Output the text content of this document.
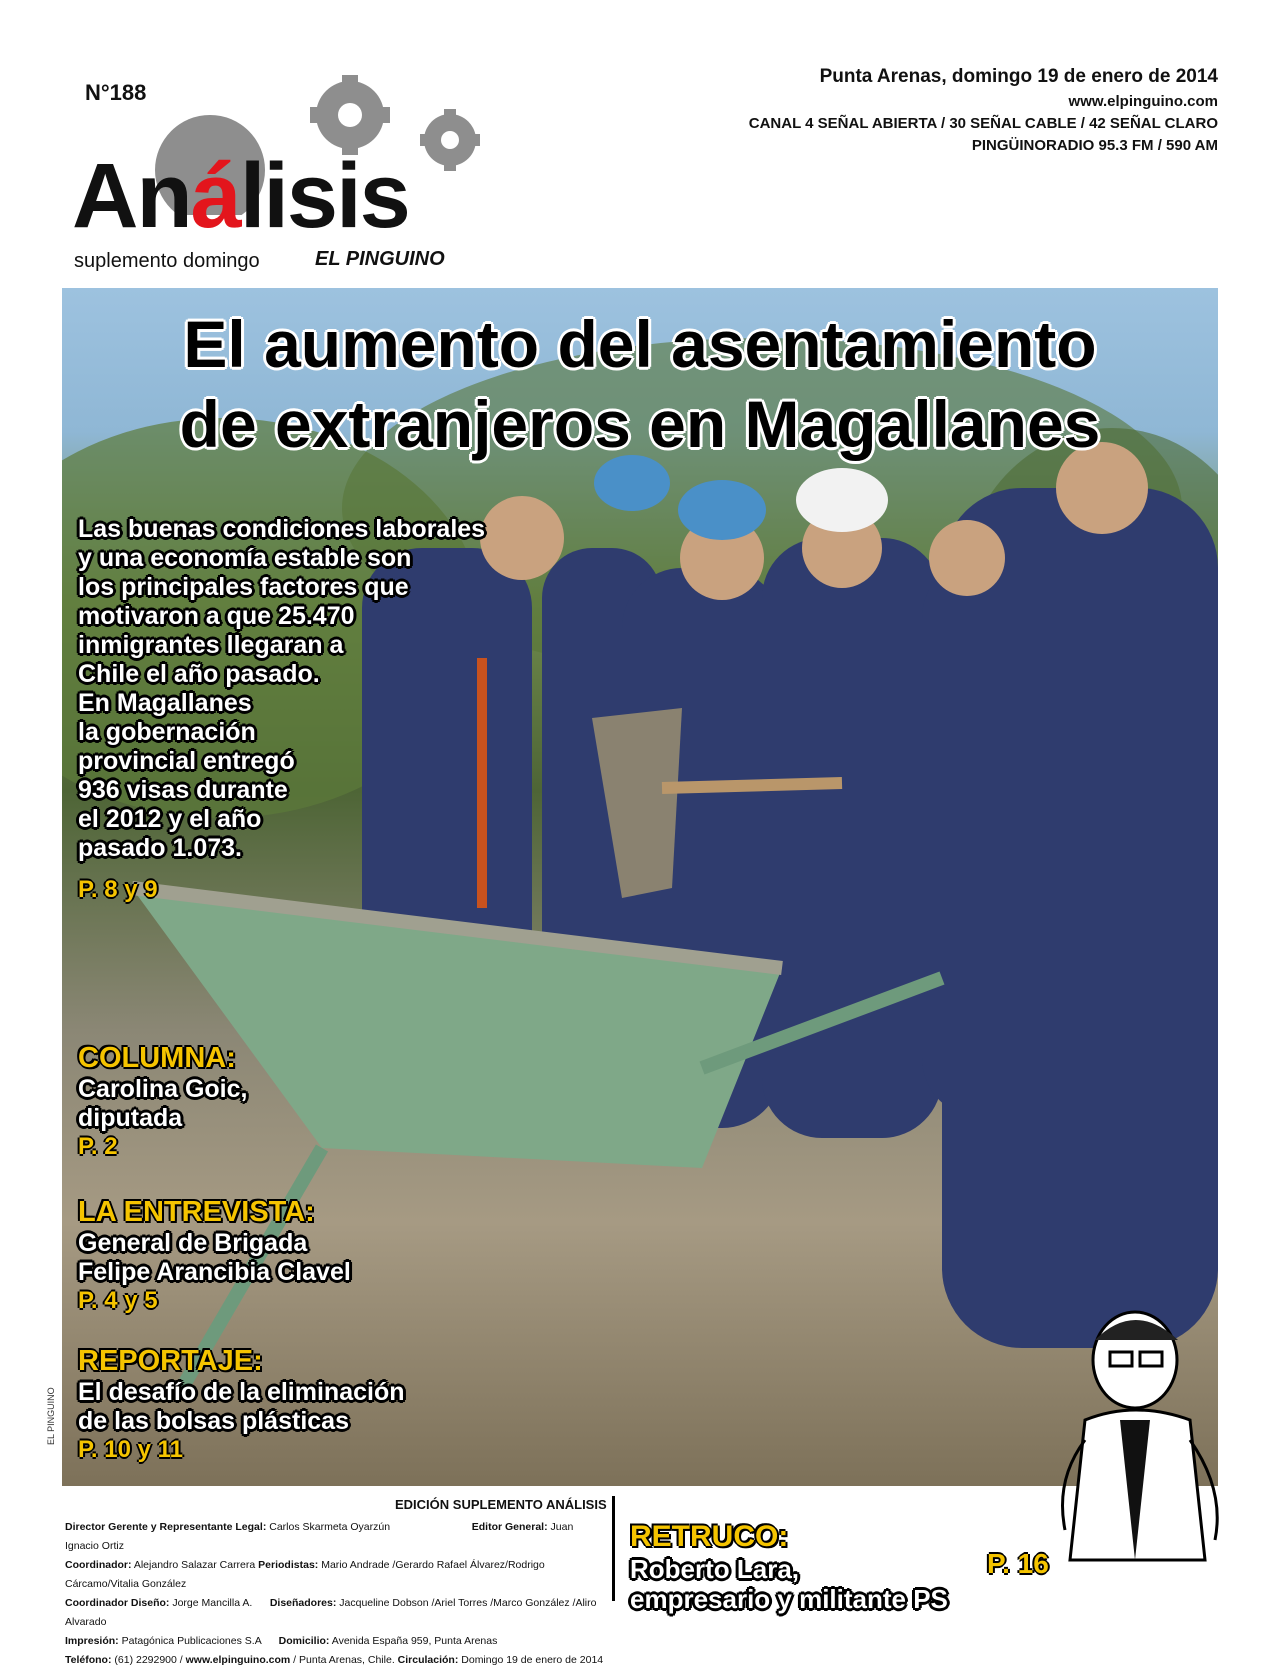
N°188
Análisis
suplemento domingo	EL PINGUINO
Punta Arenas, domingo 19 de enero de 2014
www.elpinguino.com
CANAL 4 SEÑAL ABIERTA / 30 SEÑAL CABLE / 42 SEÑAL CLARO
PINGÜINORADIO 95.3 FM / 590 AM
El aumento del asentamiento
de extranjeros en Magallanes
Las buenas condiciones laborales
y una economía estable son
los principales factores que
motivaron a que 25.470
inmigrantes llegaran a
Chile el año pasado.
En Magallanes
la gobernación
provincial entregó
936 visas durante
el 2012 y el año
pasado 1.073.
P. 8 y 9
COLUMNA:
Carolina Goic,
diputada
P. 2
LA ENTREVISTA:
General de Brigada
Felipe Arancibia Clavel
P. 4 y 5
REPORTAJE:
El desafío de la eliminación
de las bolsas plásticas
P. 10 y 11
EL PINGUINO
EDICIÓN SUPLEMENTO ANÁLISIS
Director Gerente y Representante Legal: Carlos Skarmeta Oyarzún	Editor General: Juan Ignacio Ortiz
Coordinador: Alejandro Salazar Carrera Periodistas: Mario Andrade /Gerardo Rafael Álvarez/Rodrigo Cárcamo/Vitalia González
Coordinador Diseño: Jorge Mancilla A. Diseñadores: Jacqueline Dobson /Ariel Torres /Marco González /Aliro Alvarado
Impresión: Patagónica Publicaciones S.A Domicilio: Avenida España 959, Punta Arenas
Teléfono: (61) 2292900 / www.elpinguino.com / Punta Arenas, Chile. Circulación: Domingo 19 de enero de 2014
RETRUCO:
Roberto Lara,
empresario y militante PS
P. 16
